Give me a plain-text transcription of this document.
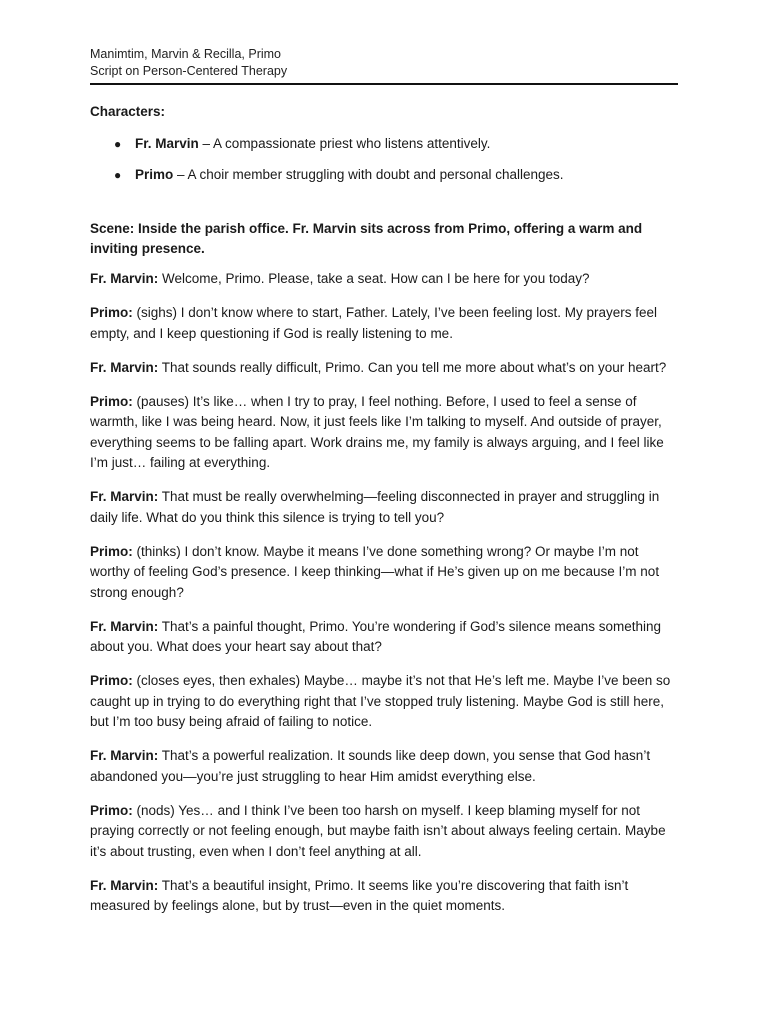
Manimtim, Marvin & Recilla, Primo
Script on Person-Centered Therapy
Characters:
● Fr. Marvin – A compassionate priest who listens attentively.
● Primo – A choir member struggling with doubt and personal challenges.
Scene: Inside the parish office. Fr. Marvin sits across from Primo, offering a warm and inviting presence.

Fr. Marvin: Welcome, Primo. Please, take a seat. How can I be here for you today?

Primo: (sighs) I don’t know where to start, Father. Lately, I’ve been feeling lost. My prayers feel empty, and I keep questioning if God is really listening to me.

Fr. Marvin: That sounds really difficult, Primo. Can you tell me more about what’s on your heart?

Primo: (pauses) It’s like… when I try to pray, I feel nothing. Before, I used to feel a sense of warmth, like I was being heard. Now, it just feels like I’m talking to myself. And outside of prayer, everything seems to be falling apart. Work drains me, my family is always arguing, and I feel like I’m just… failing at everything.

Fr. Marvin: That must be really overwhelming—feeling disconnected in prayer and struggling in daily life. What do you think this silence is trying to tell you?

Primo: (thinks) I don’t know. Maybe it means I’ve done something wrong? Or maybe I’m not worthy of feeling God’s presence. I keep thinking—what if He’s given up on me because I’m not strong enough?

Fr. Marvin: That’s a painful thought, Primo. You’re wondering if God’s silence means something about you. What does your heart say about that?

Primo: (closes eyes, then exhales) Maybe… maybe it’s not that He’s left me. Maybe I’ve been so caught up in trying to do everything right that I’ve stopped truly listening. Maybe God is still here, but I’m too busy being afraid of failing to notice.

Fr. Marvin: That’s a powerful realization. It sounds like deep down, you sense that God hasn’t abandoned you—you’re just struggling to hear Him amidst everything else.

Primo: (nods) Yes… and I think I’ve been too harsh on myself. I keep blaming myself for not praying correctly or not feeling enough, but maybe faith isn’t about always feeling certain. Maybe it’s about trusting, even when I don’t feel anything at all.

Fr. Marvin: That’s a beautiful insight, Primo. It seems like you’re discovering that faith isn’t measured by feelings alone, but by trust—even in the quiet moments.
